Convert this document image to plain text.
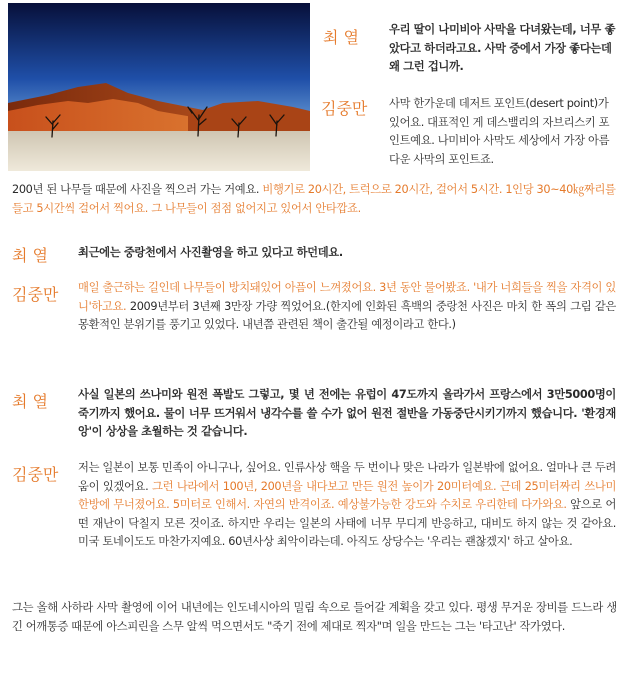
최 열	우리 딸이 나미비아 사막을 다녀왔는데, 너무 좋았다고 하더라고요. 사막 중에서 가장 좋다는데 왜 그런 겁니까.
김중만 사막 한가운데 데저트 포인트(desert point)가 있어요. 대표적인 게 데스밸리의 자브리스키 포인트예요. 나미비아 사막도 세상에서 가장 아름다운 사막의 포인트죠.
200년 된 나무들 때문에 사진을 찍으러 가는 거예요. 비행기로 20시간, 트럭으로 20시간, 걸어서 5시간. 1인당 30~40㎏짜리를 들고 5시간씩 걸어서 찍어요. 그 나무들이 점점 없어지고 있어서 안타깝죠.
최 열	최근에는 중랑천에서 사진촬영을 하고 있다고 하던데요.
김중만 매일 출근하는 길인데 나무들이 방치돼있어 아픔이 느껴졌어요. 3년 동안 물어봤죠. '내가 너희들을 찍을 자격이 있니'하고요. 2009년부터 3년째 3만장 가량 찍었어요.(한지에 인화된 흑백의 중랑천 사진은 마치 한 폭의 그림 같은 몽환적인 분위기를 풍기고 있었다. 내년쯤 관련된 책이 출간될 예정이라고 한다.)
최 열	사실 일본의 쓰나미와 원전 폭발도 그렇고, 몇 년 전에는 유럽이 47도까지 올라가서 프랑스에서 3만5000명이 죽기까지 했어요. 물이 너무 뜨거워서 냉각수를 쓸 수가 없어 원전 절반을 가동중단시키기까지 했습니다. '환경재앙'이 상상을 초월하는 것 같습니다.
김중만 저는 일본이 보통 민족이 아니구나, 싶어요. 인류사상 핵을 두 번이나 맞은 나라가 일본밖에 없어요. 얼마나 큰 두려움이 있겠어요. 그런 나라에서 100년, 200년을 내다보고 만든 원전 높이가 20미터예요. 근데 25미터짜리 쓰나미 한방에 무너졌어요. 5미터로 인해서. 자연의 반격이죠. 예상불가능한 강도와 수치로 우리한테 다가와요. 앞으로 어떤 재난이 닥칠지 모른 것이죠. 하지만 우리는 일본의 사태에 너무 무디게 반응하고, 대비도 하지 않는 것 같아요. 미국 토네이도도 마찬가지예요. 60년사상 최악이라는데. 아직도 상당수는 '우리는 괜찮겠지' 하고 살아요.
그는 올해 사하라 사막 촬영에 이어 내년에는 인도네시아의 밀림 속으로 들어갈 계획을 갖고 있다. 평생 무거운 장비를 드느라 생긴 어깨통증 때문에 아스피린을 스무 알씩 먹으면서도 "죽기 전에 제대로 찍자"며 일을 만드는 그는 '타고난' 작가였다.
